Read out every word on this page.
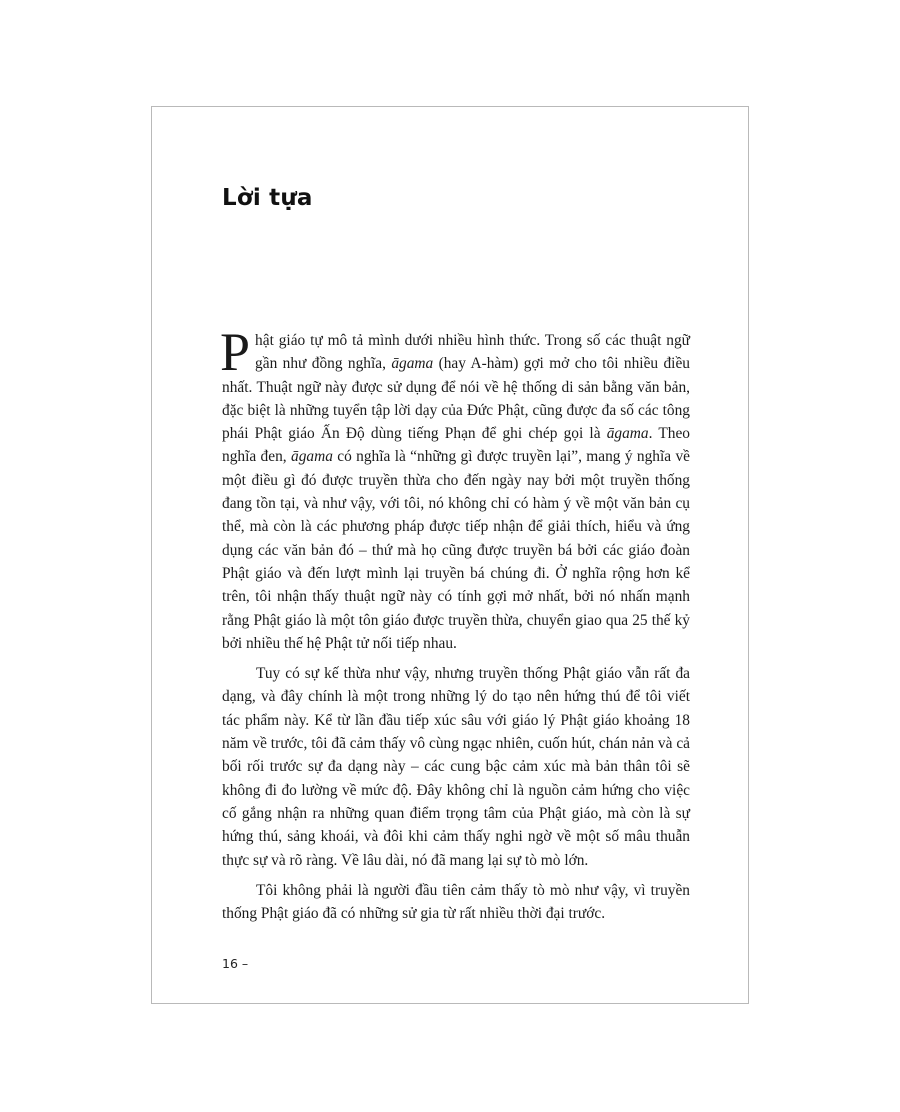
Lời tựa

Phật giáo tự mô tả mình dưới nhiều hình thức. Trong số các thuật ngữ gần như đồng nghĩa, āgama (hay A-hàm) gợi mở cho tôi nhiều điều nhất. Thuật ngữ này được sử dụng để nói về hệ thống di sản bằng văn bản, đặc biệt là những tuyển tập lời dạy của Đức Phật, cũng được đa số các tông phái Phật giáo Ấn Độ dùng tiếng Phạn để ghi chép gọi là āgama. Theo nghĩa đen, āgama có nghĩa là “những gì được truyền lại”, mang ý nghĩa về một điều gì đó được truyền thừa cho đến ngày nay bởi một truyền thống đang tồn tại, và như vậy, với tôi, nó không chỉ có hàm ý về một văn bản cụ thể, mà còn là các phương pháp được tiếp nhận để giải thích, hiểu và ứng dụng các văn bản đó – thứ mà họ cũng được truyền bá bởi các giáo đoàn Phật giáo và đến lượt mình lại truyền bá chúng đi. Ở nghĩa rộng hơn kể trên, tôi nhận thấy thuật ngữ này có tính gợi mở nhất, bởi nó nhấn mạnh rằng Phật giáo là một tôn giáo được truyền thừa, chuyển giao qua 25 thế kỷ bởi nhiều thế hệ Phật tử nối tiếp nhau.

Tuy có sự kế thừa như vậy, nhưng truyền thống Phật giáo vẫn rất đa dạng, và đây chính là một trong những lý do tạo nên hứng thú để tôi viết tác phẩm này. Kể từ lần đầu tiếp xúc sâu với giáo lý Phật giáo khoảng 18 năm về trước, tôi đã cảm thấy vô cùng ngạc nhiên, cuốn hút, chán nản và cả bối rối trước sự đa dạng này – các cung bậc cảm xúc mà bản thân tôi sẽ không đi đo lường về mức độ. Đây không chỉ là nguồn cảm hứng cho việc cố gắng nhận ra những quan điểm trọng tâm của Phật giáo, mà còn là sự hứng thú, sảng khoái, và đôi khi cảm thấy nghi ngờ về một số mâu thuẫn thực sự và rõ ràng. Về lâu dài, nó đã mang lại sự tò mò lớn.

Tôi không phải là người đầu tiên cảm thấy tò mò như vậy, vì truyền thống Phật giáo đã có những sử gia từ rất nhiều thời đại trước.

16 –
